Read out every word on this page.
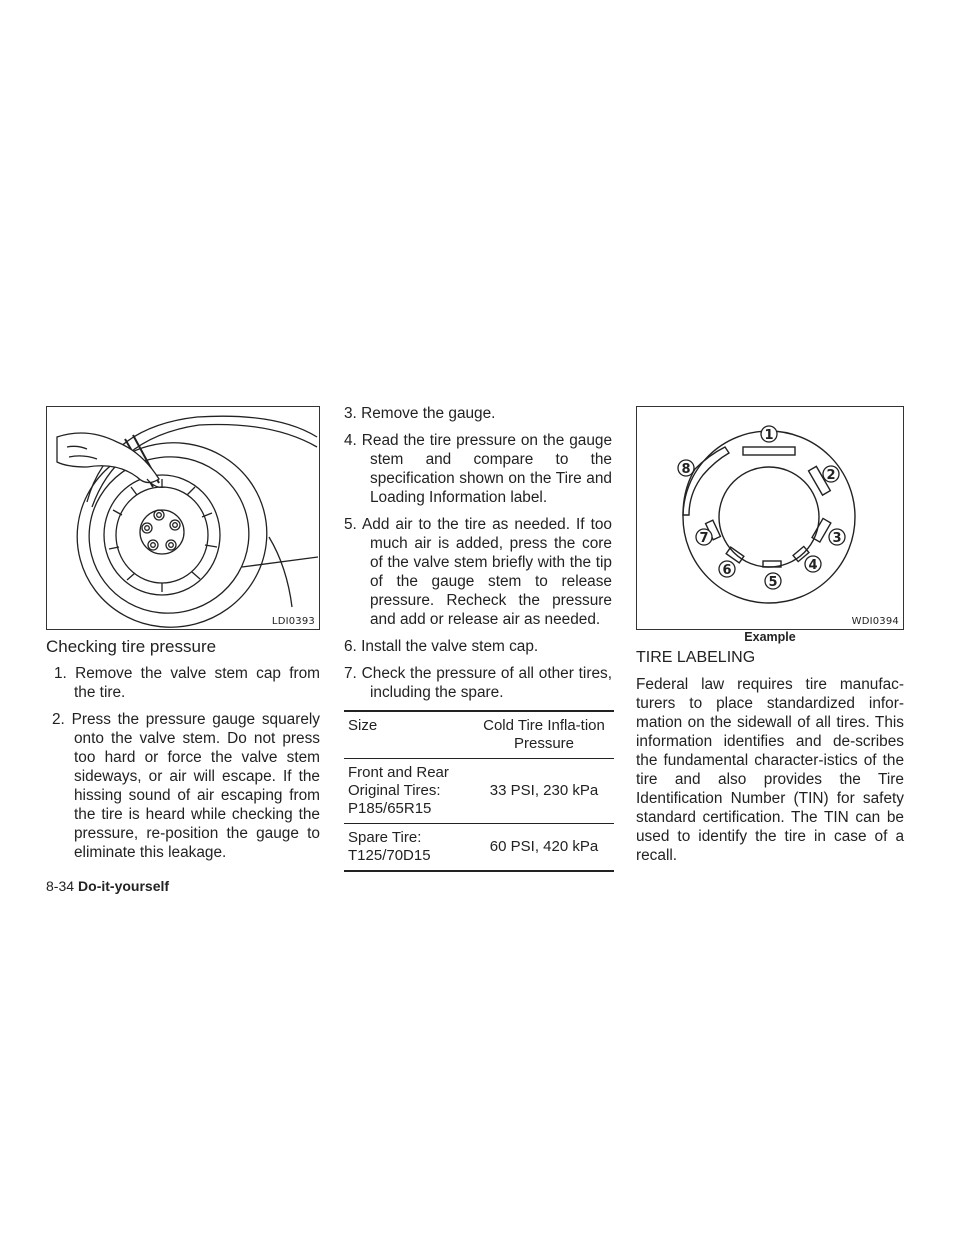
LDI0393
Checking tire pressure
1. Remove the valve stem cap from the tire.
2. Press the pressure gauge squarely onto the valve stem. Do not press too hard or force the valve stem sideways, or air will escape. If the hissing sound of air escaping from the tire is heard while checking the pressure, re-position the gauge to eliminate this leakage.
3. Remove the gauge.
4. Read the tire pressure on the gauge stem and compare to the specification shown on the Tire and Loading Information label.
5. Add air to the tire as needed. If too much air is added, press the core of the valve stem briefly with the tip of the gauge stem to release pressure. Recheck the pressure and add or release air as needed.
6. Install the valve stem cap.
7. Check the pressure of all other tires, including the spare.
Size	Cold Tire Infla-tion Pressure
Front and Rear Original Tires: P185/65R15	33 PSI, 230 kPa
Spare Tire: T125/70D15	60 PSI, 420 kPa
1
2
3
4
5
6
7
8
WDI0394
Example
TIRE LABELING
Federal law requires tire manufac-turers to place standardized infor-mation on the sidewall of all tires. This information identifies and de-scribes the fundamental character-istics of the tire and also provides the Tire Identification Number (TIN) for safety standard certification. The TIN can be used to identify the tire in case of a recall.
8-34 Do-it-yourself
